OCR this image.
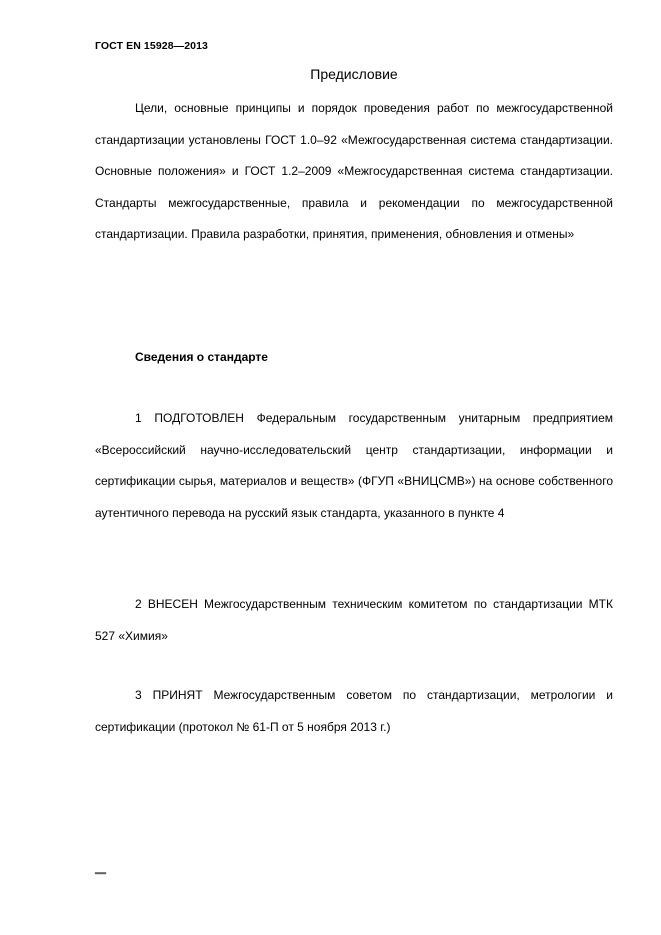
ГОСТ EN 15928—2013
Предисловие

Цели, основные принципы и порядок проведения работ по межгосударственной стандартизации установлены ГОСТ 1.0–92 «Межгосударственная система стандартизации. Основные положения» и ГОСТ 1.2–2009 «Межгосударственная система стандартизации. Стандарты межгосударственные, правила и рекомендации по межгосударственной стандартизации. Правила разработки, принятия, применения, обновления и отмены»

Сведения о стандарте

1 ПОДГОТОВЛЕН Федеральным государственным унитарным предприятием «Всероссийский научно-исследовательский центр стандартизации, информации и сертификации сырья, материалов и веществ» (ФГУП «ВНИЦСМВ») на основе собственного аутентичного перевода на русский язык стандарта, указанного в пункте 4

2 ВНЕСЕН Межгосударственным техническим комитетом по стандартизации МТК 527 «Химия»

3 ПРИНЯТ Межгосударственным советом по стандартизации, метрологии и сертификации (протокол № 61-П от 5 ноября 2013 г.)

‗‗
